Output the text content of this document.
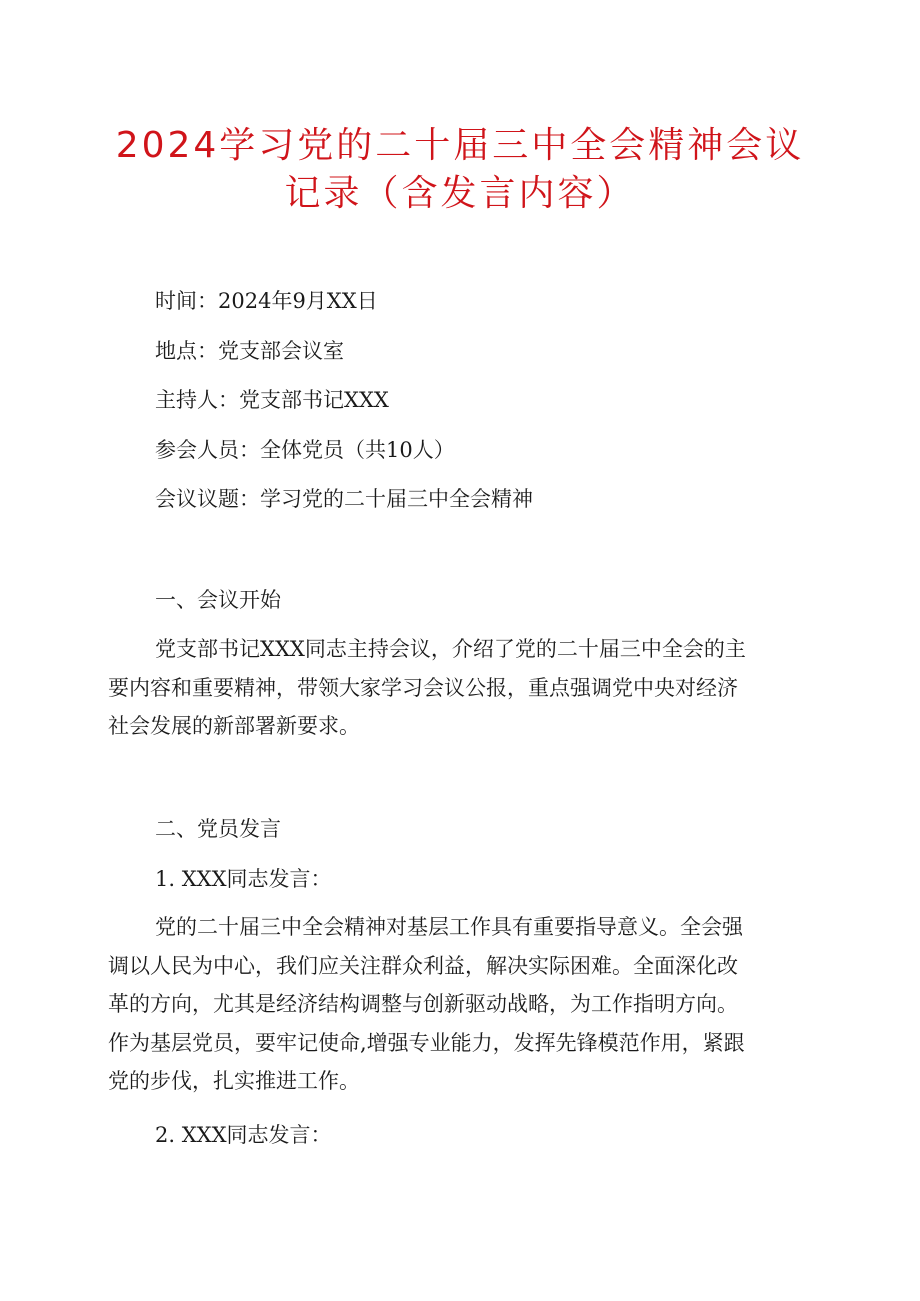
2024学习党的二十届三中全会精神会议
记录（含发言内容）
时间：2024年9月XX日
地点：党支部会议室
主持人：党支部书记XXX
参会人员：全体党员（共10人）
会议议题：学习党的二十届三中全会精神
一、会议开始
党支部书记XXX同志主持会议，介绍了党的二十届三中全会的主
要内容和重要精神，带领大家学习会议公报，重点强调党中央对经济
社会发展的新部署新要求。
二、党员发言
1. XXX同志发言：
党的二十届三中全会精神对基层工作具有重要指导意义。全会强
调以人民为中心，我们应关注群众利益，解决实际困难。全面深化改
革的方向，尤其是经济结构调整与创新驱动战略，为工作指明方向。
作为基层党员，要牢记使命,增强专业能力，发挥先锋模范作用，紧跟
党的步伐，扎实推进工作。
2. XXX同志发言：
